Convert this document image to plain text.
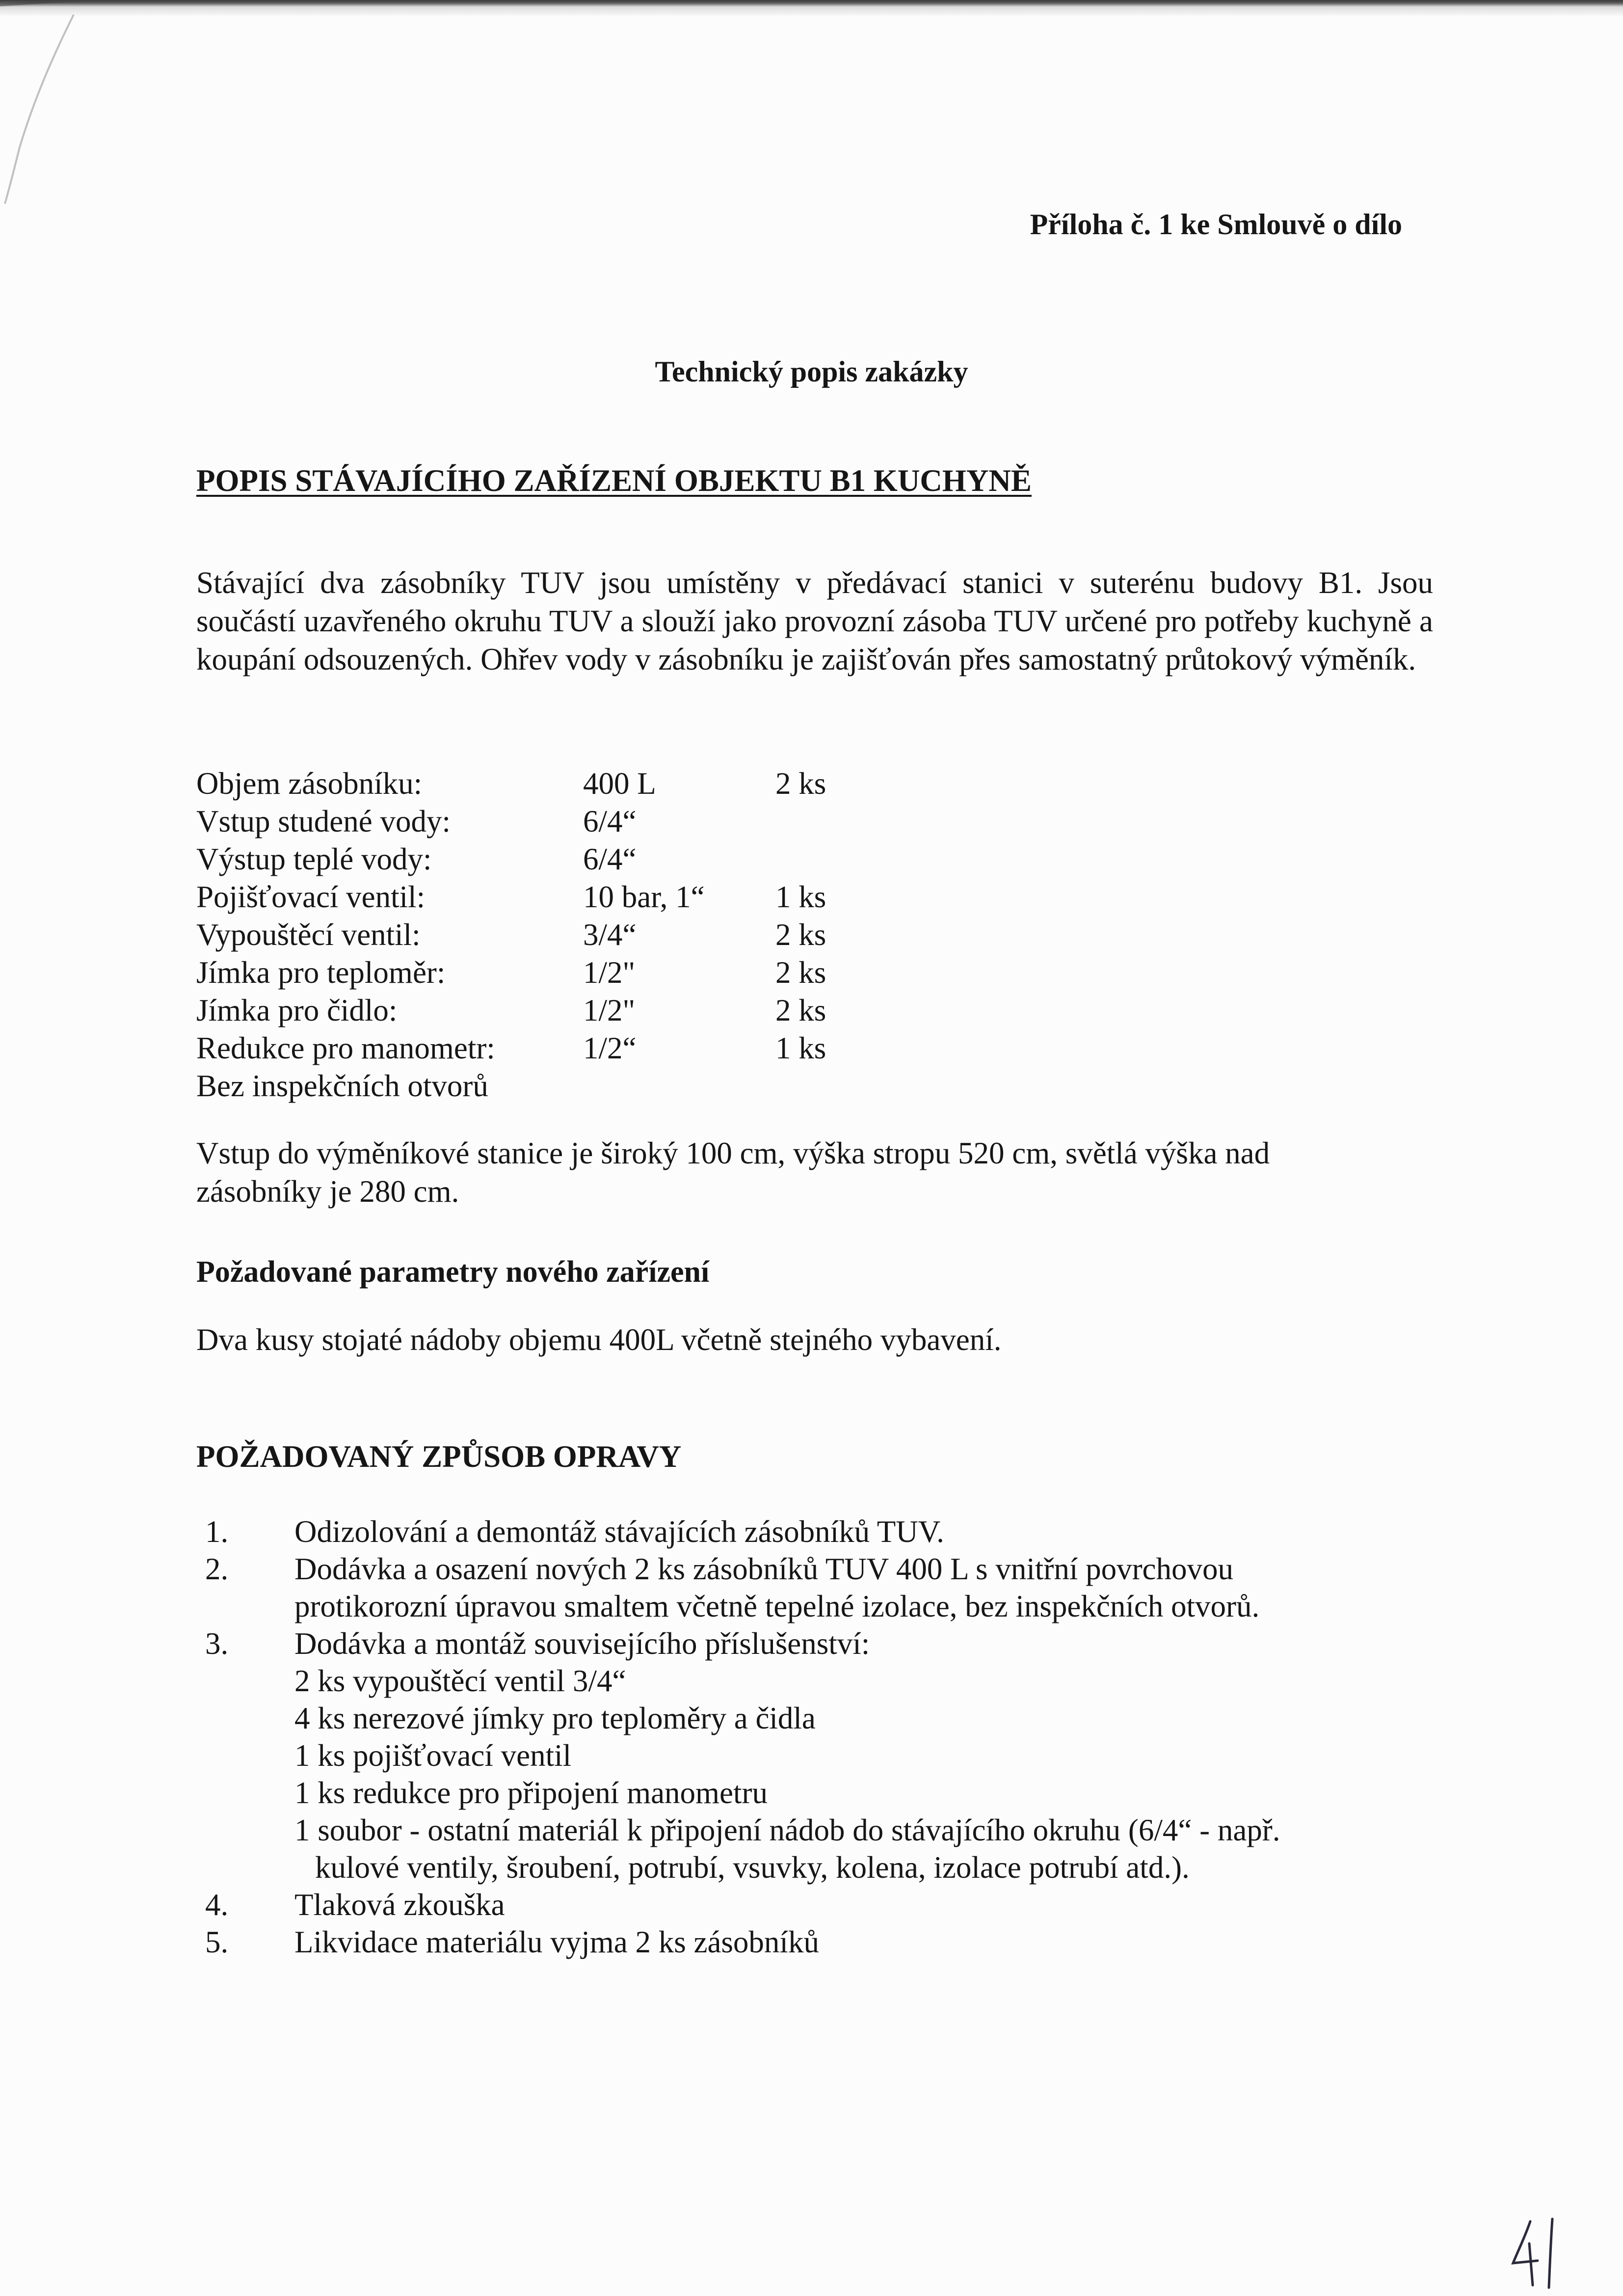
Příloha č. 1 ke Smlouvě o dílo
Technický popis zakázky
POPIS STÁVAJÍCÍHO ZAŘÍZENÍ OBJEKTU B1 KUCHYNĚ
Stávající dva zásobníky TUV jsou umístěny v předávací stanici v suterénu budovy B1. Jsou součástí uzavřeného okruhu TUV a slouží jako provozní zásoba TUV určené pro potřeby kuchyně a koupání odsouzených. Ohřev vody v zásobníku je zajišťován přes samostatný průtokový výměník.
Objem zásobníku:	400 L	2 ks
Vstup studené vody:	6/4“
Výstup teplé vody:	6/4“
Pojišťovací ventil:	10 bar, 1“ 1 ks
Vypouštěcí ventil:	3/4“	2 ks
Jímka pro teploměr:	1/2"	2 ks
Jímka pro čidlo:	1/2"	2 ks
Redukce pro manometr:	1/2“	1 ks
Bez inspekčních otvorů
Vstup do výměníkové stanice je široký 100 cm, výška stropu 520 cm, světlá výška nad zásobníky je 280 cm.
Požadované parametry nového zařízení
Dva kusy stojaté nádoby objemu 400L včetně stejného vybavení.
POŽADOVANÝ ZPŮSOB OPRAVY
1. Odizolování a demontáž stávajících zásobníků TUV.
2. Dodávka a osazení nových 2 ks zásobníků TUV 400 L s vnitřní povrchovou
protikorozní úpravou smaltem včetně tepelné izolace, bez inspekčních otvorů.
3. Dodávka a montáž souvisejícího příslušenství:
2 ks vypouštěcí ventil 3/4“
4 ks nerezové jímky pro teploměry a čidla
1 ks pojišťovací ventil
1 ks redukce pro připojení manometru
1 soubor - ostatní materiál k připojení nádob do stávajícího okruhu (6/4“ - např.
kulové ventily, šroubení, potrubí, vsuvky, kolena, izolace potrubí atd.).
4. Tlaková zkouška
5. Likvidace materiálu vyjma 2 ks zásobníků
